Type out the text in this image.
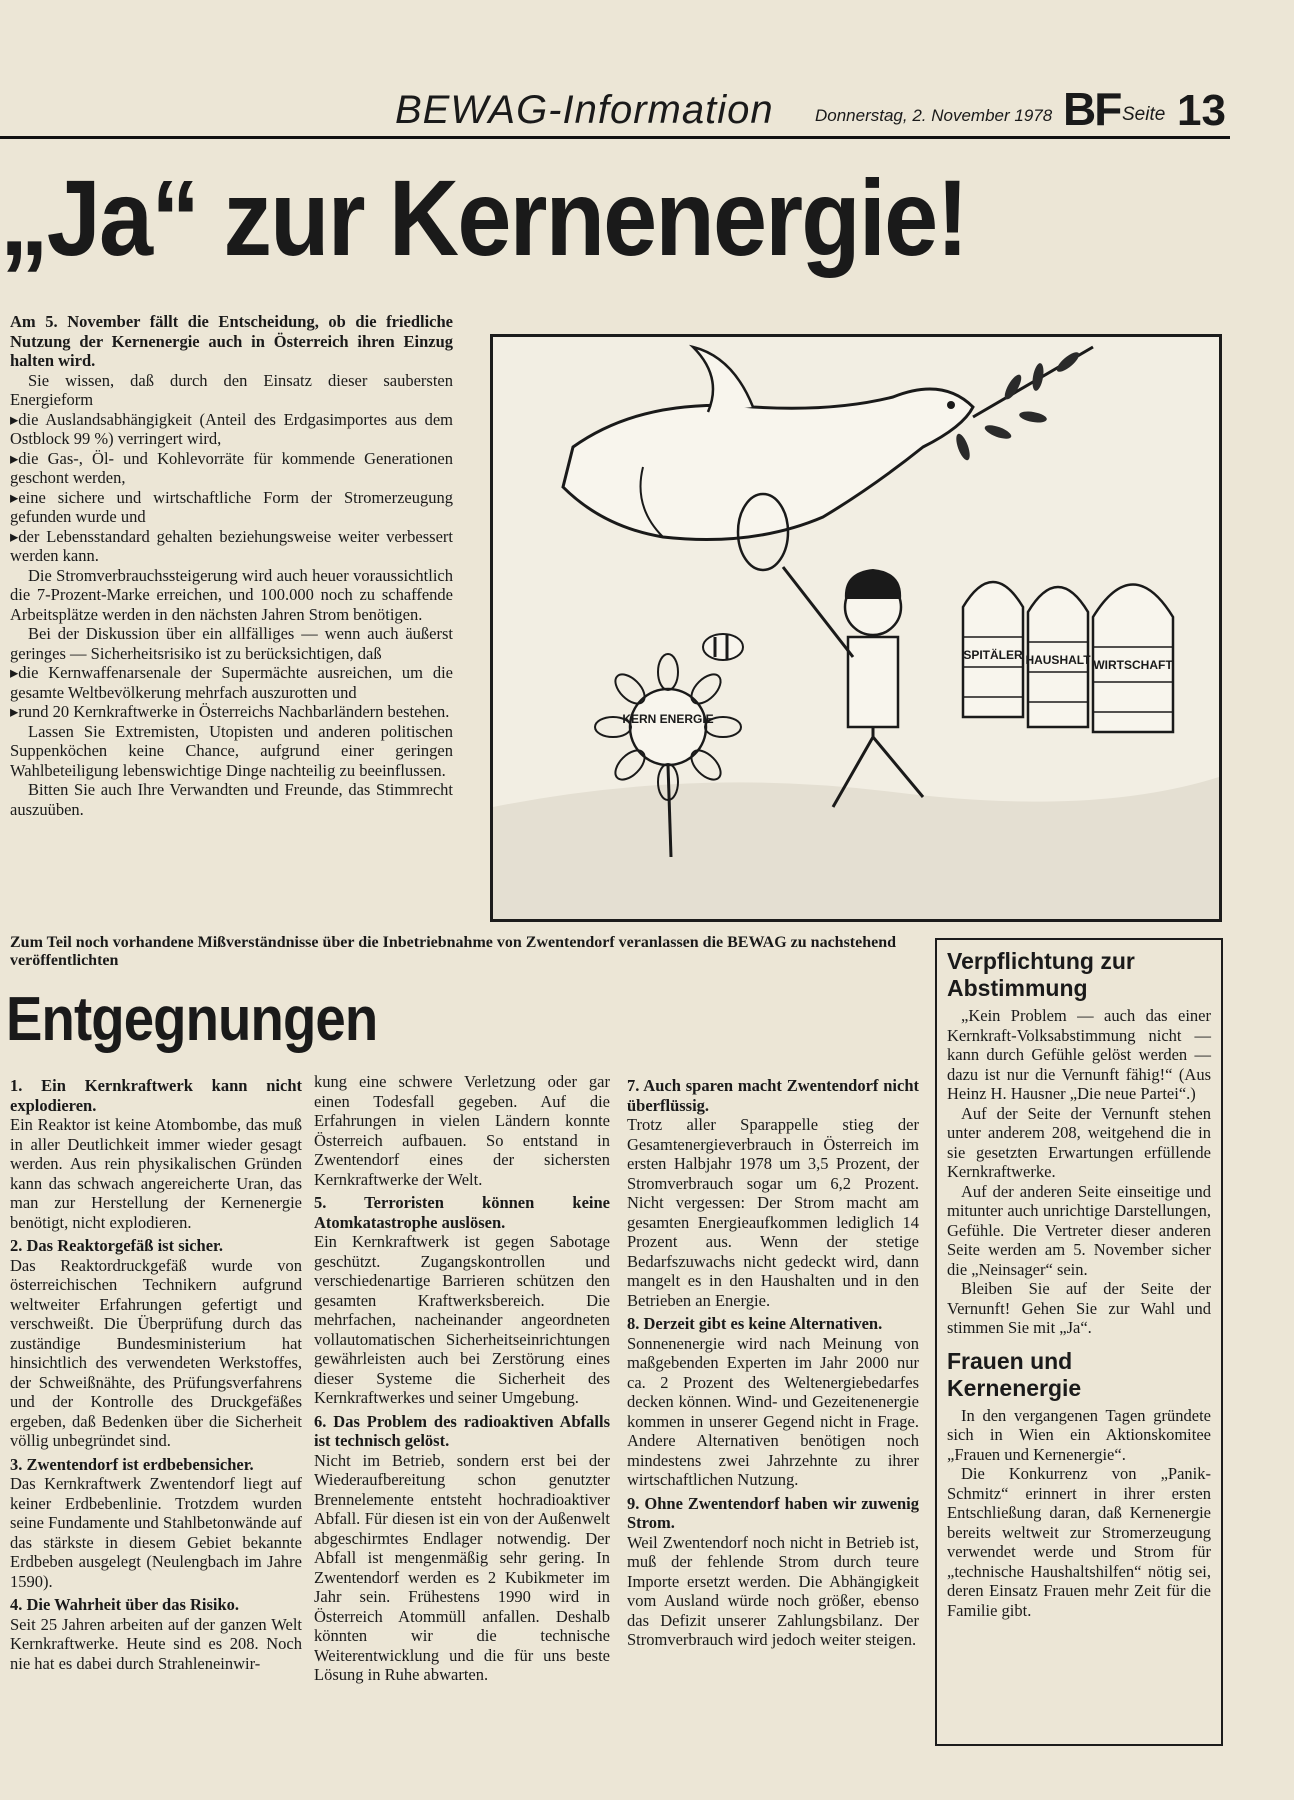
BEWAG-Information Donnerstag, 2. November 1978 BF Seite 13
„Ja“ zur Kernenergie!

Am 5. November fällt die Entscheidung, ob die friedliche Nutzung der Kernenergie auch in Österreich ihren Einzug halten wird.

Sie wissen, daß durch den Einsatz dieser saubersten Energieform

▸ die Auslandsabhängigkeit (Anteil des Erdgasimportes aus dem Ostblock 99 %) verringert wird,

▸ die Gas-, Öl- und Kohlevorräte für kommende Generationen geschont werden,

▸ eine sichere und wirtschaftliche Form der Stromerzeugung gefunden wurde und

▸ der Lebensstandard gehalten beziehungsweise weiter verbessert werden kann.

Die Stromverbrauchssteigerung wird auch heuer voraussichtlich die 7-Prozent-Marke erreichen, und 100.000 noch zu schaffende Arbeitsplätze werden in den nächsten Jahren Strom benötigen.

Bei der Diskussion über ein allfälliges — wenn auch äußerst geringes — Sicherheitsrisiko ist zu berücksichtigen, daß

▸ die Kernwaffenarsenale der Supermächte ausreichen, um die gesamte Weltbevölkerung mehrfach auszurotten und

▸ rund 20 Kernkraftwerke in Österreichs Nachbarländern bestehen.

Lassen Sie Extremisten, Utopisten und anderen politischen Suppenköchen keine Chance, aufgrund einer geringen Wahlbeteiligung lebenswichtige Dinge nachteilig zu beeinflussen.

Bitten Sie auch Ihre Verwandten und Freunde, das Stimmrecht auszuüben.

KERN ENERGIE
SPITÄLER HAUSHALT WIRTSCHAFT
Zum Teil noch vorhandene Mißverständnisse über die Inbetriebnahme von Zwentendorf veranlassen die BEWAG zu nachstehend veröffentlichten
Entgegnungen

1. Ein Kernkraftwerk kann nicht explodieren.

Ein Reaktor ist keine Atombombe, das muß in aller Deutlichkeit immer wieder gesagt werden. Aus rein physikalischen Gründen kann das schwach angereicherte Uran, das man zur Herstellung der Kernenergie benötigt, nicht explodieren.

2. Das Reaktorgefäß ist sicher.

Das Reaktordruckgefäß wurde von österreichischen Technikern aufgrund weltweiter Erfahrungen gefertigt und verschweißt. Die Überprüfung durch das zuständige Bundesministerium hat hinsichtlich des verwendeten Werkstoffes, der Schweißnähte, des Prüfungsverfahrens und der Kontrolle des Druckgefäßes ergeben, daß Bedenken über die Sicherheit völlig unbegründet sind.

3. Zwentendorf ist erdbebensicher.

Das Kernkraftwerk Zwentendorf liegt auf keiner Erdbebenlinie. Trotzdem wurden seine Fundamente und Stahlbetonwände auf das stärkste in diesem Gebiet bekannte Erdbeben ausgelegt (Neulengbach im Jahre 1590).

4. Die Wahrheit über das Risiko.

Seit 25 Jahren arbeiten auf der ganzen Welt Kernkraftwerke. Heute sind es 208. Noch nie hat es dabei durch Strahleneinwir-

kung eine schwere Verletzung oder gar einen Todesfall gegeben. Auf die Erfahrungen in vielen Ländern konnte Österreich aufbauen. So entstand in Zwentendorf eines der sichersten Kernkraftwerke der Welt.

5. Terroristen können keine Atomkatastrophe auslösen.

Ein Kernkraftwerk ist gegen Sabotage geschützt. Zugangskontrollen und verschiedenartige Barrieren schützen den gesamten Kraftwerksbereich. Die mehrfachen, nacheinander angeordneten vollautomatischen Sicherheitseinrichtungen gewährleisten auch bei Zerstörung eines dieser Systeme die Sicherheit des Kernkraftwerkes und seiner Umgebung.

6. Das Problem des radioaktiven Abfalls ist technisch gelöst.

Nicht im Betrieb, sondern erst bei der Wiederaufbereitung schon genutzter Brennelemente entsteht hochradioaktiver Abfall. Für diesen ist ein von der Außenwelt abgeschirmtes Endlager notwendig. Der Abfall ist mengenmäßig sehr gering. In Zwentendorf werden es 2 Kubikmeter im Jahr sein. Frühestens 1990 wird in Österreich Atommüll anfallen. Deshalb könnten wir die technische Weiterentwicklung und die für uns beste Lösung in Ruhe abwarten.

7. Auch sparen macht Zwentendorf nicht überflüssig.

Trotz aller Sparappelle stieg der Gesamtenergieverbrauch in Österreich im ersten Halbjahr 1978 um 3,5 Prozent, der Stromverbrauch sogar um 6,2 Prozent. Nicht vergessen: Der Strom macht am gesamten Energieaufkommen lediglich 14 Prozent aus. Wenn der stetige Bedarfszuwachs nicht gedeckt wird, dann mangelt es in den Haushalten und in den Betrieben an Energie.

8. Derzeit gibt es keine Alternativen.

Sonnenenergie wird nach Meinung von maßgebenden Experten im Jahr 2000 nur ca. 2 Prozent des Weltenergiebedarfes decken können. Wind- und Gezeitenenergie kommen in unserer Gegend nicht in Frage. Andere Alternativen benötigen noch mindestens zwei Jahrzehnte zu ihrer wirtschaftlichen Nutzung.

9. Ohne Zwentendorf haben wir zuwenig Strom.

Weil Zwentendorf noch nicht in Betrieb ist, muß der fehlende Strom durch teure Importe ersetzt werden. Die Abhängigkeit vom Ausland würde noch größer, ebenso das Defizit unserer Zahlungsbilanz. Der Stromverbrauch wird jedoch weiter steigen.

Verpflichtung zur Abstimmung

„Kein Problem — auch das einer Kernkraft-Volksabstimmung nicht — kann durch Gefühle gelöst werden — dazu ist nur die Vernunft fähig!“ (Aus Heinz H. Hausner „Die neue Partei“.)

Auf der Seite der Vernunft stehen unter anderem 208, weitgehend die in sie gesetzten Erwartungen erfüllende Kernkraftwerke.

Auf der anderen Seite einseitige und mitunter auch unrichtige Darstellungen, Gefühle. Die Vertreter dieser anderen Seite werden am 5. November sicher die „Neinsager“ sein.

Bleiben Sie auf der Seite der Vernunft! Gehen Sie zur Wahl und stimmen Sie mit „Ja“.

Frauen und Kernenergie

In den vergangenen Tagen gründete sich in Wien ein Aktionskomitee „Frauen und Kernenergie“.

Die Konkurrenz von „Panik-Schmitz“ erinnert in ihrer ersten Entschließung daran, daß Kernenergie bereits weltweit zur Stromerzeugung verwendet werde und Strom für „technische Haushaltshilfen“ nötig sei, deren Einsatz Frauen mehr Zeit für die Familie gibt.
